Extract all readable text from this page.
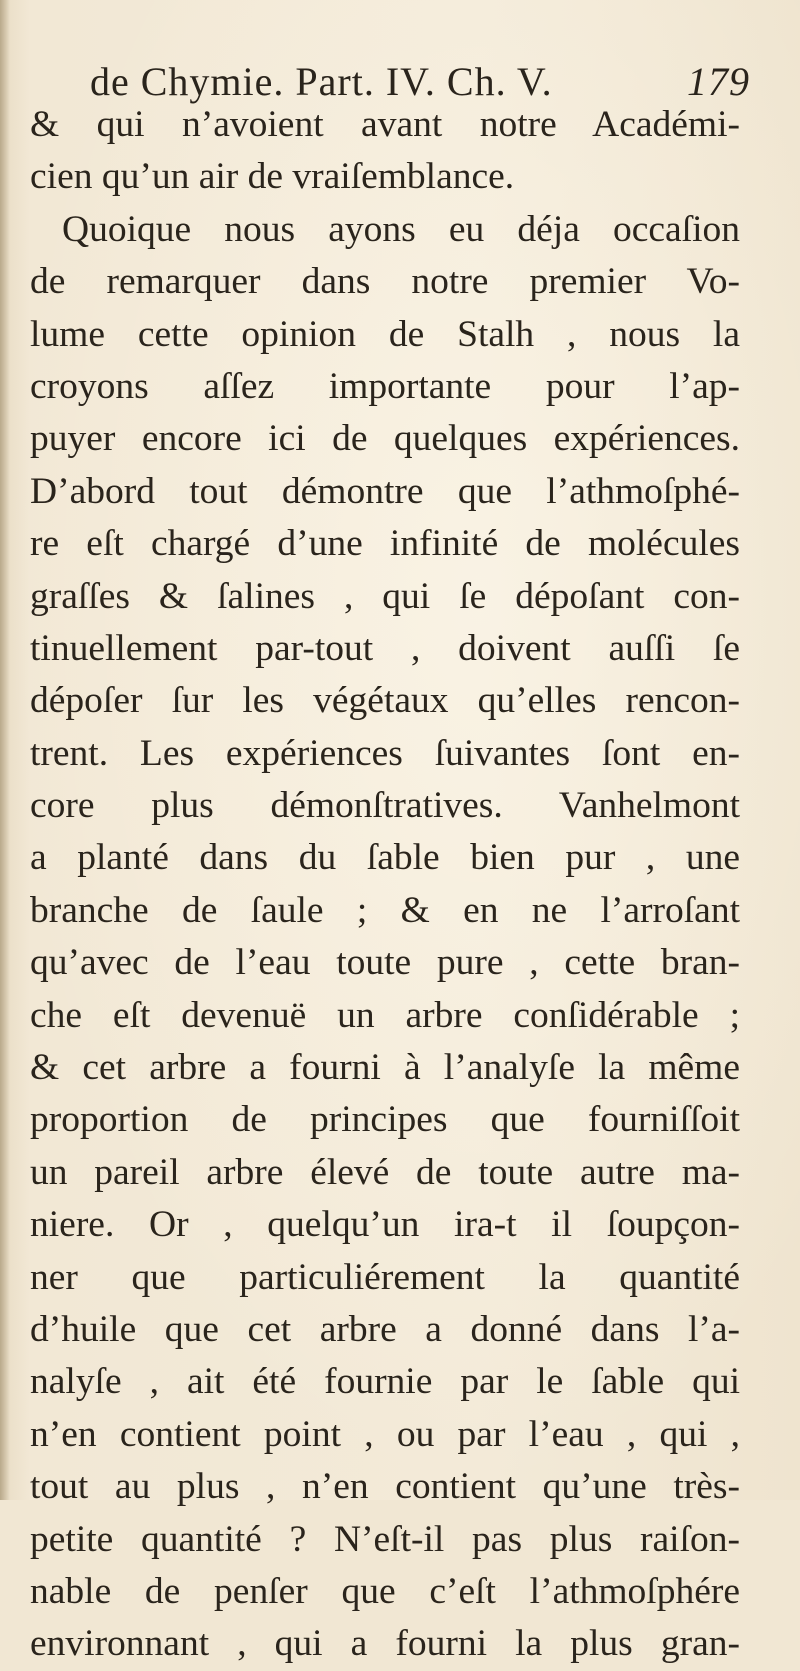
de Chymie. Part. IV. Ch. V.	179
& qui n’avoient avant notre Académi-
cien qu’un air de vraiſemblance.
Quoique nous ayons eu déja occaſion
de remarquer dans notre premier Vo-
lume cette opinion de Stalh , nous la
croyons aſſez importante pour l’ap-
puyer encore ici de quelques expériences.
D’abord tout démontre que l’athmoſphé-
re eſt chargé d’une infinité de molécules
graſſes & ſalines , qui ſe dépoſant con-
tinuellement par-tout , doivent auſſi ſe
dépoſer ſur les végétaux qu’elles rencon-
trent. Les expériences ſuivantes ſont en-
core plus démonſtratives. Vanhelmont
a planté dans du ſable bien pur , une
branche de ſaule ; & en ne l’arroſant
qu’avec de l’eau toute pure , cette bran-
che eſt devenuë un arbre conſidérable ;
& cet arbre a fourni à l’analyſe la même
proportion de principes que fourniſſoit
un pareil arbre élevé de toute autre ma-
niere. Or , quelqu’un ira-t il ſoupçon-
ner que particuliérement la quantité
d’huile que cet arbre a donné dans l’a-
nalyſe , ait été fournie par le ſable qui
n’en contient point , ou par l’eau , qui ,
tout au plus , n’en contient qu’une très-
petite quantité ? N’eſt-il pas plus raiſon-
nable de penſer que c’eſt l’athmoſphére
environnant , qui a fourni la plus gran-
